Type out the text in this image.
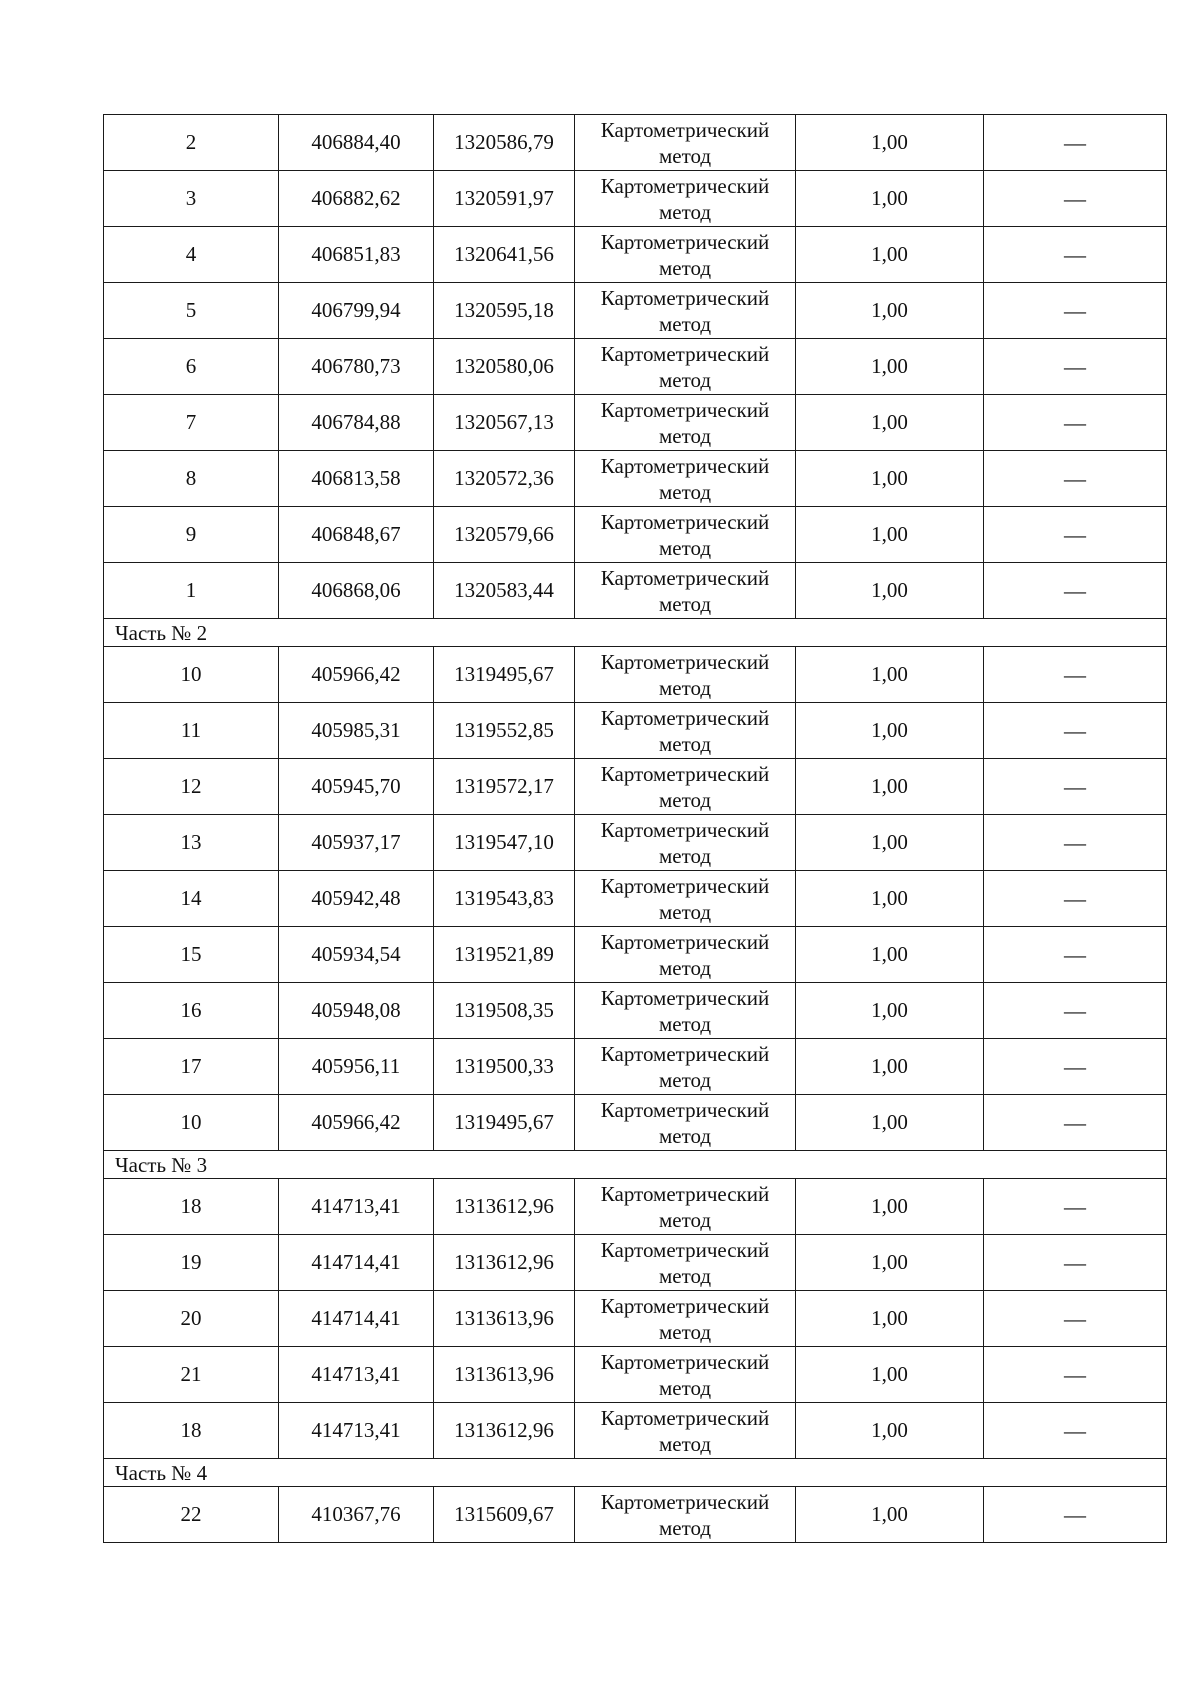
2	406884,40	1320586,79	Картометрический
метод	1,00	—
3	406882,62	1320591,97	Картометрический
метод	1,00	—
4	406851,83	1320641,56	Картометрический
метод	1,00	—
5	406799,94	1320595,18	Картометрический
метод	1,00	—
6	406780,73	1320580,06	Картометрический
метод	1,00	—
7	406784,88	1320567,13	Картометрический
метод	1,00	—
8	406813,58	1320572,36	Картометрический
метод	1,00	—
9	406848,67	1320579,66	Картометрический
метод	1,00	—
1	406868,06	1320583,44	Картометрический
метод	1,00	—
Часть № 2					
10	405966,42	1319495,67	Картометрический
метод	1,00	—
11	405985,31	1319552,85	Картометрический
метод	1,00	—
12	405945,70	1319572,17	Картометрический
метод	1,00	—
13	405937,17	1319547,10	Картометрический
метод	1,00	—
14	405942,48	1319543,83	Картометрический
метод	1,00	—
15	405934,54	1319521,89	Картометрический
метод	1,00	—
16	405948,08	1319508,35	Картометрический
метод	1,00	—
17	405956,11	1319500,33	Картометрический
метод	1,00	—
10	405966,42	1319495,67	Картометрический
метод	1,00	—
Часть № 3					
18	414713,41	1313612,96	Картометрический
метод	1,00	—
19	414714,41	1313612,96	Картометрический
метод	1,00	—
20	414714,41	1313613,96	Картометрический
метод	1,00	—
21	414713,41	1313613,96	Картометрический
метод	1,00	—
18	414713,41	1313612,96	Картометрический
метод	1,00	—
Часть № 4					
22	410367,76	1315609,67	Картометрический
метод	1,00	—
